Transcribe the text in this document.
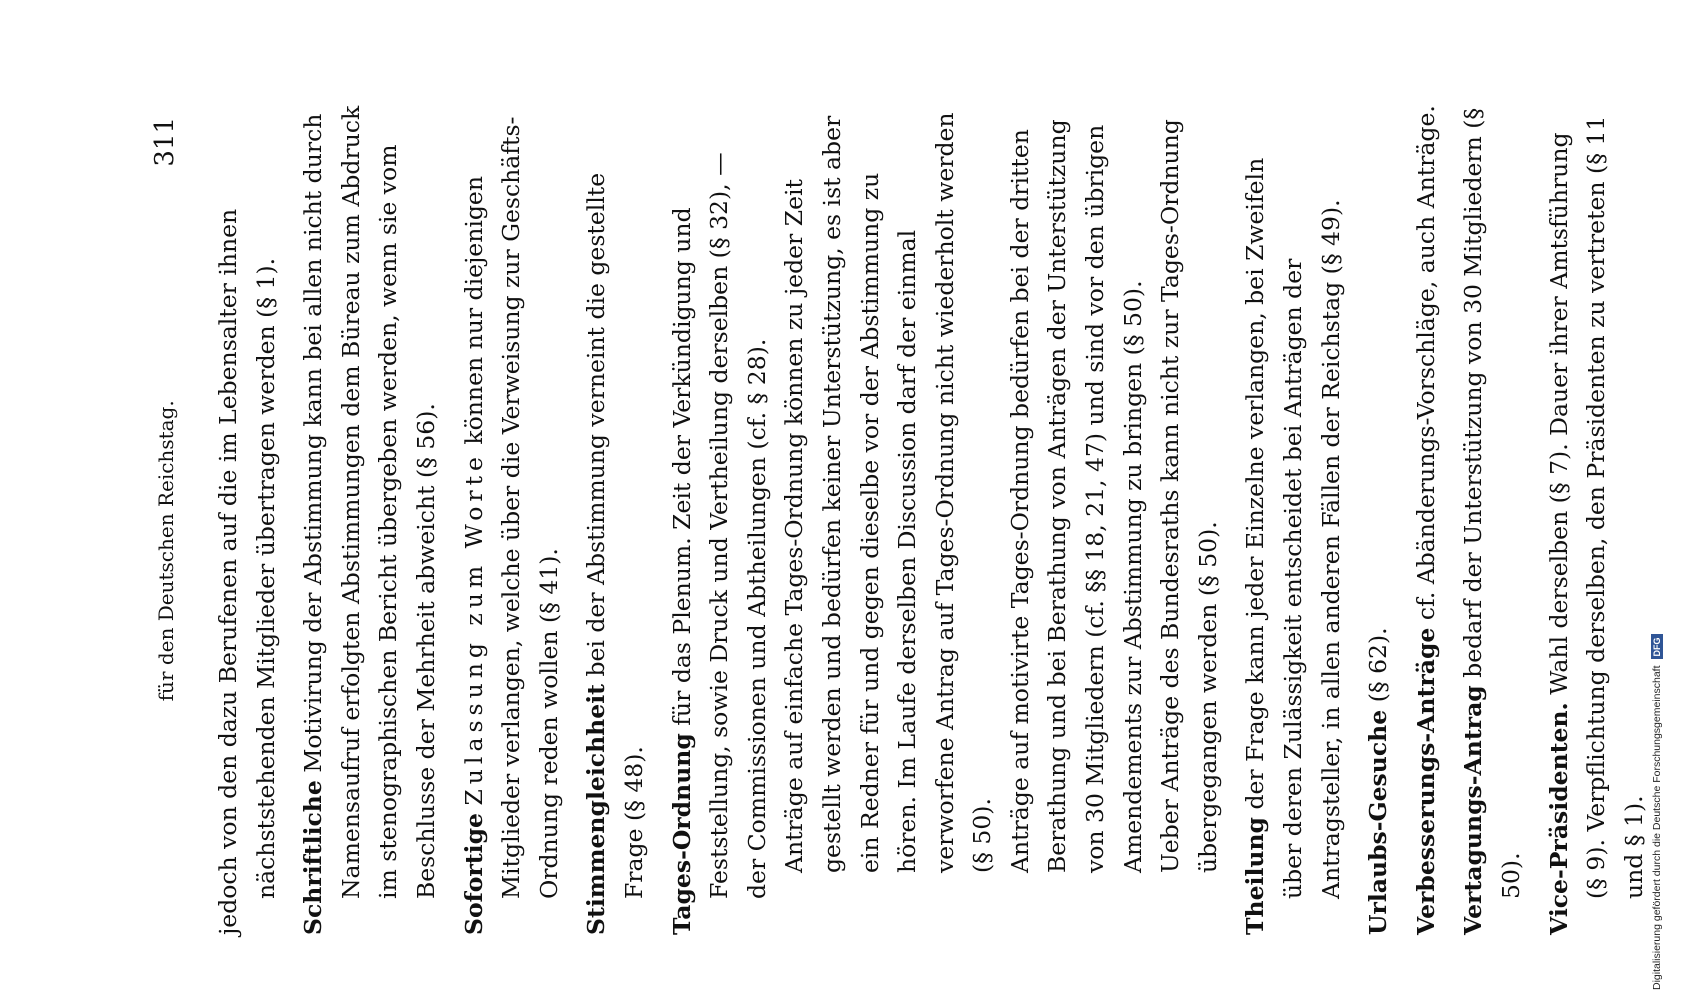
für den Deutschen Reichstag.
311
jedoch von den dazu Berufenen auf die im Lebensalter ihnen nächststehenden Mitglieder übertragen werden (§ 1). Schriftliche Motivirung der Abstimmung kann bei allen nicht durch Namensaufruf erfolgten Abstimmungen dem Büreau zum Abdruck im stenographischen Bericht übergeben werden, wenn sie vom Beschlusse der Mehrheit abweicht (§ 56). Sofortige Zulassung zum Worte können nur diejenigen Mitglieder verlangen, welche über die Verweisung zur Geschäfts-Ordnung reden wollen (§ 41). Stimmengleichheit bei der Abstimmung verneint die gestellte Frage (§ 48). Tages-Ordnung für das Plenum. Zeit der Verkündigung und Feststellung, sowie Druck und Vertheilung derselben (§ 32), — der Commissionen und Abtheilungen (cf. § 28). Anträge auf einfache Tages-Ordnung können zu jeder Zeit gestellt werden und bedürfen keiner Unterstützung, es ist aber ein Redner für und gegen dieselbe vor der Abstimmung zu hören. Im Laufe derselben Discussion darf der einmal verworfene Antrag auf Tages-Ordnung nicht wiederholt werden (§ 50). Anträge auf motivirte Tages-Ordnung bedürfen bei der dritten Berathung und bei Berathung von Anträgen der Unterstützung von 30 Mitgliedern (cf. §§ 18, 21, 47) und sind vor den übrigen Amendements zur Abstimmung zu bringen (§ 50). Ueber Anträge des Bundesraths kann nicht zur Tages-Ordnung übergegangen werden (§ 50).
Theilung der Frage kann jeder Einzelne verlangen, bei Zweifeln über deren Zulässigkeit entscheidet bei Anträgen der Antragsteller, in allen anderen Fällen der Reichstag (§ 49). Urlaubs-Gesuche (§ 62). Verbesserungs-Anträge cf. Abänderungs-Vorschläge, auch Anträge.
Vertagungs-Antrag bedarf der Unterstützung von 30 Mitgliedern (§ 50). Vice-Präsidenten. Wahl derselben (§ 7). Dauer ihrer Amtsführung (§ 9). Verpflichtung derselben, den Präsidenten zu vertreten (§ 11 und § 1). Digitalisierung gefördert durch die Deutsche Forschungsgemeinschaft
DFG
